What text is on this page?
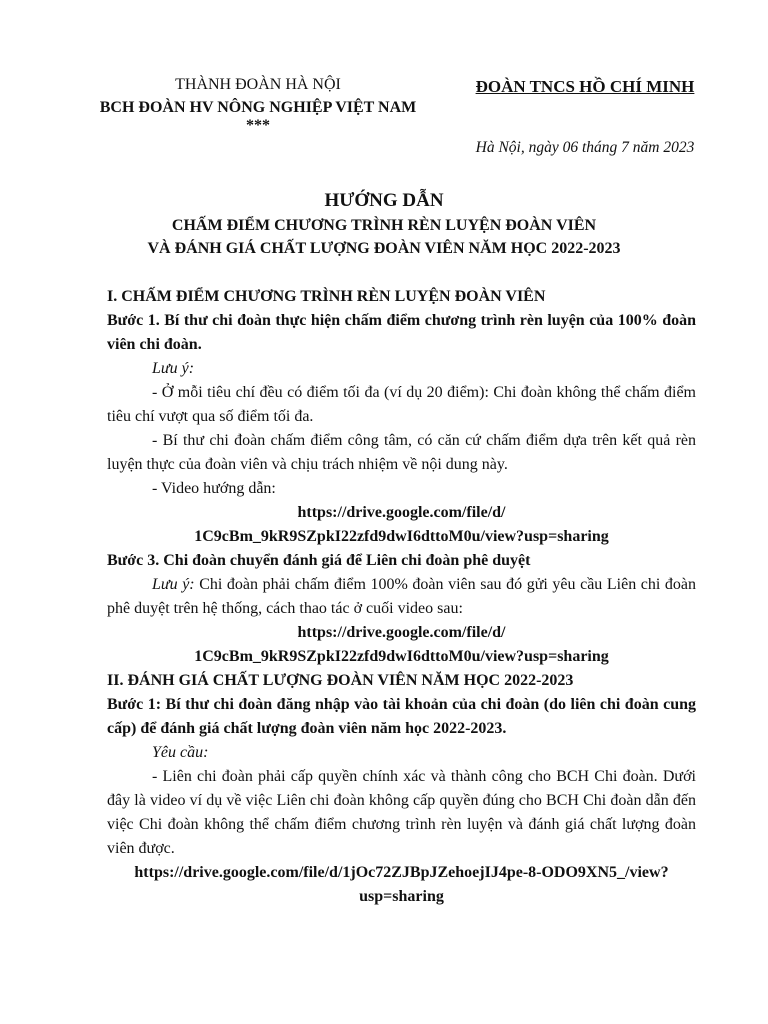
THÀNH ĐOÀN HÀ NỘI
BCH ĐOÀN HV NÔNG NGHIỆP VIỆT NAM
***
ĐOÀN TNCS HỒ CHÍ MINH
Hà Nội, ngày 06 tháng 7 năm 2023
HƯỚNG DẪN
CHẤM ĐIỂM CHƯƠNG TRÌNH RÈN LUYỆN ĐOÀN VIÊN
VÀ ĐÁNH GIÁ CHẤT LƯỢNG ĐOÀN VIÊN NĂM HỌC 2022-2023

I. CHẤM ĐIỂM CHƯƠNG TRÌNH RÈN LUYỆN ĐOÀN VIÊN

Bước 1. Bí thư chi đoàn thực hiện chấm điểm chương trình rèn luyện của 100% đoàn viên chi đoàn.

Lưu ý:

- Ở mỗi tiêu chí đều có điểm tối đa (ví dụ 20 điểm): Chi đoàn không thể chấm điểm tiêu chí vượt qua số điểm tối đa.

- Bí thư chi đoàn chấm điểm công tâm, có căn cứ chấm điểm dựa trên kết quả rèn luyện thực của đoàn viên và chịu trách nhiệm về nội dung này.

- Video hướng dẫn:

https://drive.google.com/file/d/

1C9cBm_9kR9SZpkI22zfd9dwI6dttoM0u/view?usp=sharing

Bước 3. Chi đoàn chuyển đánh giá để Liên chi đoàn phê duyệt

Lưu ý: Chi đoàn phải chấm điểm 100% đoàn viên sau đó gửi yêu cầu Liên chi đoàn phê duyệt trên hệ thống, cách thao tác ở cuối video sau:

https://drive.google.com/file/d/

1C9cBm_9kR9SZpkI22zfd9dwI6dttoM0u/view?usp=sharing

II. ĐÁNH GIÁ CHẤT LƯỢNG ĐOÀN VIÊN NĂM HỌC 2022-2023

Bước 1: Bí thư chi đoàn đăng nhập vào tài khoản của chi đoàn (do liên chi đoàn cung cấp) để đánh giá chất lượng đoàn viên năm học 2022-2023.

Yêu cầu:

- Liên chi đoàn phải cấp quyền chính xác và thành công cho BCH Chi đoàn. Dưới đây là video ví dụ về việc Liên chi đoàn không cấp quyền đúng cho BCH Chi đoàn dẫn đến việc Chi đoàn không thể chấm điểm chương trình rèn luyện và đánh giá chất lượng đoàn viên được.

https://drive.google.com/file/d/1jOc72ZJBpJZehoejIJ4pe-8-ODO9XN5_/view?

usp=sharing
